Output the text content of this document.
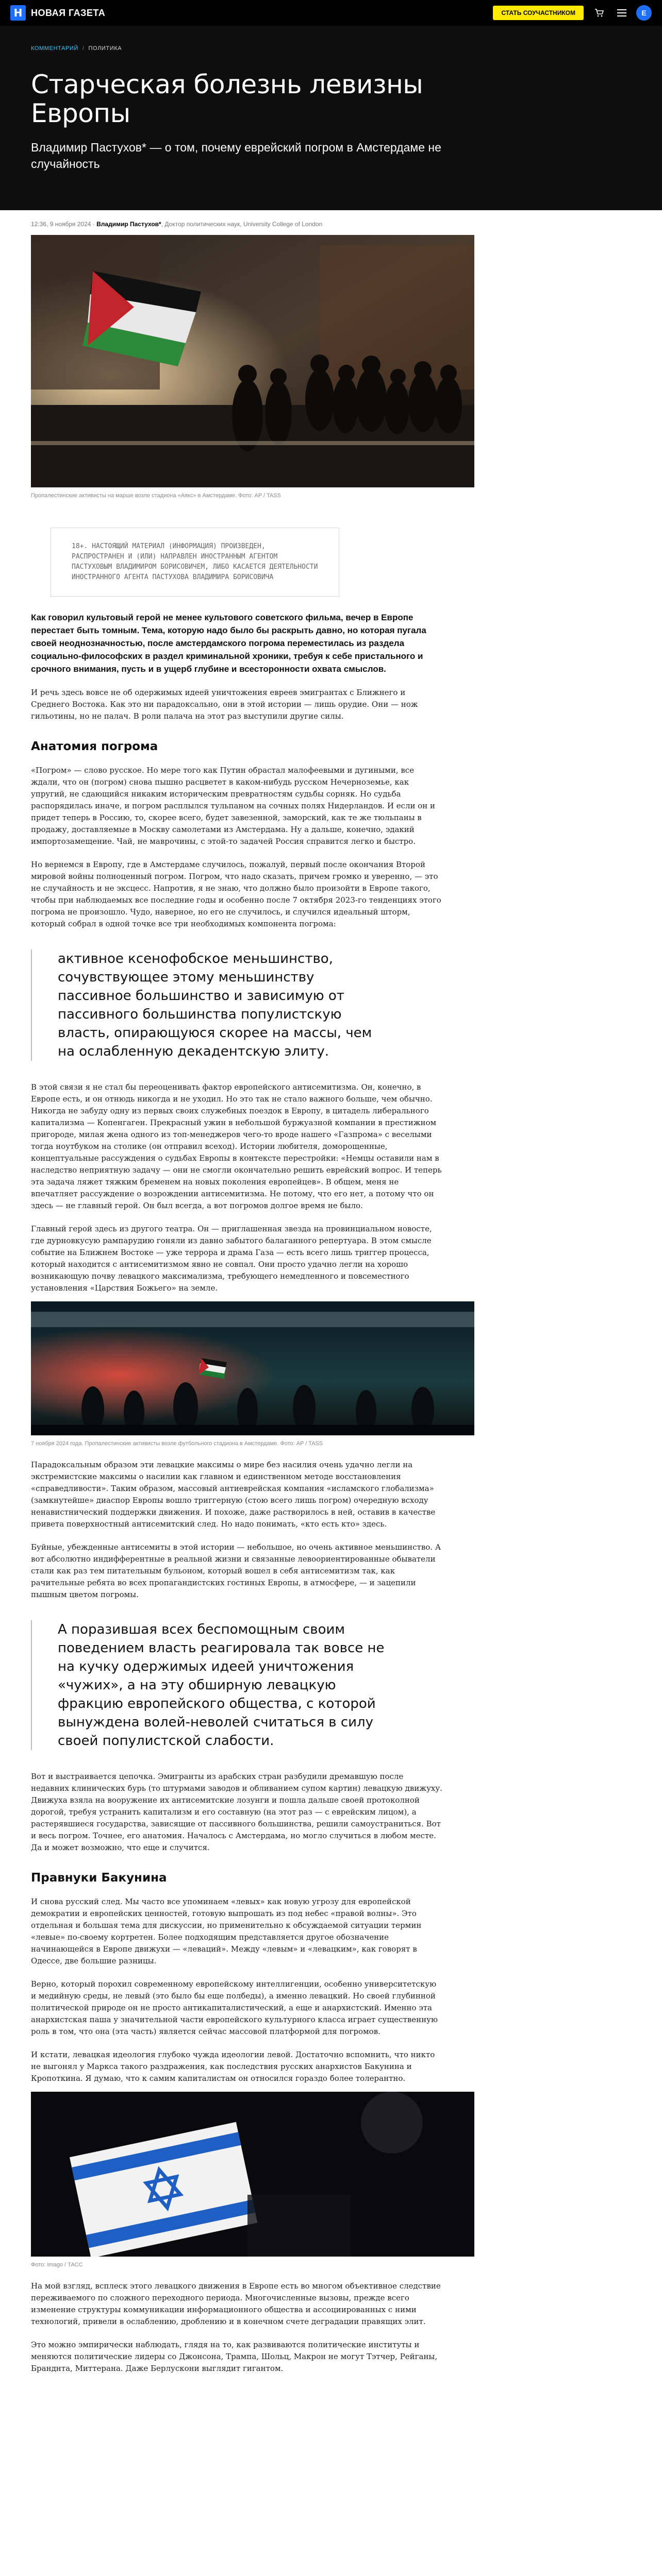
Н НОВАЯ ГАЗЕТА	СТАТЬ СОУЧАСТНИКОМ	Е
КОММЕНТАРИЙ / ПОЛИТИКА
Старческая болезнь левизны Европы
Владимир Пастухов* — о том, почему еврейский погром в Амстердаме не случайность
12:36, 9 ноября 2024 · Владимир Пастухов*, Доктор политических наук, University College of London
Пропалестинские активисты на марше возле стадиона «Аякс» в Амстердаме. Фото: AP / TASS
18+. НАСТОЯЩИЙ МАТЕРИАЛ (ИНФОРМАЦИЯ) ПРОИЗВЕДЕН, РАСПРОСТРАНЕН И (ИЛИ) НАПРАВЛЕН ИНОСТРАННЫМ АГЕНТОМ ПАСТУХОВЫМ ВЛАДИМИРОМ БОРИСОВИЧЕМ, ЛИБО КАСАЕТСЯ ДЕЯТЕЛЬНОСТИ ИНОСТРАННОГО АГЕНТА ПАСТУХОВА ВЛАДИМИРА БОРИСОВИЧА
Как говорил культовый герой не менее культового советского фильма, вечер в Европе перестает быть томным. Тема, которую надо было бы раскрыть давно, но которая пугала своей неоднозначностью, после амстердамского погрома переместилась из раздела социально-философских в раздел криминальной хроники, требуя к себе пристального и срочного внимания, пусть и в ущерб глубине и всесторонности охвата смыслов.

И речь здесь вовсе не об одержимых идеей уничтожения евреев эмигрантах с Ближнего и Среднего Востока. Как это ни парадоксально, они в этой истории — лишь орудие. Они — нож гильотины, но не палач. В роли палача на этот раз выступили другие силы.

Анатомия погрома

«Погром» — слово русское. Но мере того как Путин обрастал малофеевыми и дугиными, все ждали, что он (погром) снова пышно расцветет в каком-нибудь русском Нечерноземье, как упругий, не сдающийся никаким историческим превратностям судьбы сорняк. Но судьба распорядилась иначе, и погром расплылся тульпаном на сочных полях Нидерландов. И если он и придет теперь в Россию, то, скорее всего, будет завезенной, заморский, как те же тюльпаны в продажу, доставляемые в Москву самолетами из Амстердама. Ну а дальше, конечно, эдакий импортозамещение. Чай, не маврочины, с этой-то задачей Россия справится легко и быстро.

Но вернемся в Европу, где в Амстердаме случилось, пожалуй, первый после окончания Второй мировой войны полноценный погром. Погром, что надо сказать, причем громко и уверенно, — это не случайность и не эксцесс. Напротив, я не знаю, что должно было произойти в Европе такого, чтобы при наблюдаемых все последние годы и особенно после 7 октября 2023-го тенденциях этого погрома не произошло. Чудо, наверное, но его не случилось, и случился идеальный шторм, который собрал в одной точке все три необходимых компонента погрома:

активное ксенофобское меньшинство, сочувствующее этому меньшинству пассивное большинство и зависимую от пассивного большинства популистскую власть, опирающуюся скорее на массы, чем на ослабленную декадентскую элиту.

В этой связи я не стал бы переоценивать фактор европейского антисемитизма. Он, конечно, в Европе есть, и он отнюдь никогда и не уходил. Но это так не стало важного больше, чем обычно. Никогда не забуду одну из первых своих служебных поездок в Европу, в цитадель либерального капитализма — Копенгаген. Прекрасный ужин в небольшой буржуазной компании в престижном пригороде, милая жена одного из топ-менеджеров чего-то вроде нашего «Газпрома» с веселыми тогда ноутбуком на столике (он отправил всеход). Истории любителя, доморощенные, концептуальные рассуждения о судьбах Европы в контексте перестройки: «Немцы оставили нам в наследство неприятную задачу — они не смогли окончательно решить еврейский вопрос. И теперь эта задача ляжет тяжким бременем на новых поколения европейцев». В общем, меня не впечатляет рассуждение о возрождении антисемитизма. Не потому, что его нет, а потому что он здесь — не главный герой. Он был всегда, а вот погромов долгое время не было.

Главный герой здесь из другого театра. Он — приглашенная звезда на провинциальном новосте, где дурновкусую рампарудию гоняли из давно забытого балаганного репертуара. В этом смысле событие на Ближнем Востоке — уже террора и драма Газа — есть всего лишь триггер процесса, который находится с антисемитизмом явно не совпал. Они просто удачно легли на хорошо возникающую почву левацкого максимализма, требующего немедленного и повсеместного установления «Царствия Божьего» на земле.

7 ноября 2024 года. Пропалестинские активисты возле футбольного стадиона в Амстердаме. Фото: AP / TASS

Парадоксальным образом эти левацкие максимы о мире без насилия очень удачно легли на экстремистские максимы о насилии как главном и единственном методе восстановления «справедливости». Таким образом, массовый антиеврейская компания «исламского глобализма» (замкнутейше» диаспор Европы вошло триггерную (стою всего лишь погром) очередную всходу ненавистнический поддержки движения. И похоже, даже растворилось в ней, оставив в качестве привета поверхностный антисемитский след. Но надо понимать, «кто есть кто» здесь.

Буйные, убежденные антисемиты в этой истории — небольшое, но очень активное меньшинство. А вот абсолютно индифферентные в реальной жизни и связанные левоориентированные обыватели стали как раз тем питательным бульоном, который вошел в себя антисемитизм так, как рачительные ребята во всех пропагандистских гостиных Европы, в атмосфере, — и зацепили пышным цветом погромы.

А поразившая всех беспомощным своим поведением власть реагировала так вовсе не на кучку одержимых идеей уничтожения «чужих», а на эту обширную левацкую фракцию европейского общества, с которой вынуждена волей-неволей считаться в силу своей популистской слабости.

Вот и выстраивается цепочка. Эмигранты из арабских стран разбудили дремавшую после недавних клинических бурь (то штурмами заводов и обливанием супом картин) левацкую движуху. Движуха взяла на вооружение их антисемитские лозунги и пошла дальше своей протоколной дорогой, требуя устранить капитализм и его составную (на этот раз — с еврейским лицом), а растерявшиеся государства, зависящие от пассивного большинства, решили самоустраниться. Вот и весь погром. Точнее, его анатомия. Началось с Амстердама, но могло случиться в любом месте. Да и может возможно, что еще и случится.

Правнуки Бакунина

И снова русский след. Мы часто все упоминаем «левых» как новую угрозу для европейской демократии и европейских ценностей, готовую выпрошать из под небес «правой волны». Это отдельная и большая тема для дискуссии, но применительно к обсуждаемой ситуации термин «левые» по-своему кортретен. Более подходящим представляется другое обозначение начинающейся в Европе движухи — «леваций». Между «левым» и «левацким», как говорят в Одессе, две большие разницы.

Верно, который порохил современному европейскому интеллигенции, особенно университетскую и медийную среды, не левый (это было бы еще полбеды), а именно левацкий. Но своей глубинной политической природе он не просто антикапиталистический, а еще и анархистский. Именно эта анархистская паша у значительной части европейского культурного класса играет существенную роль в том, что она (эта часть) является сейчас массовой платформой для погромов.

И кстати, левацкая идеология глубоко чужда идеологии левой. Достаточно вспомнить, что никто не выгонял у Маркса такого раздражения, как последствия русских анархистов Бакунина и Кропоткина. Я думаю, что к самим капиталистам он относился гораздо более толерантно.

Фото: Imago / ТАСС

На мой взгляд, всплеск этого левацкого движения в Европе есть во многом объективное следствие переживаемого по сложного переходного периода. Многочисленные вызовы, прежде всего изменение структуры коммуникации информационного общества и ассоциированных с ними технологий, привели в ослаблению, дроблению и в конечном счете деградации правящих элит.

Это можно эмпирически наблюдать, глядя на то, как развиваются политические институты и меняются политические лидеры со Джонсона, Трампа, Шольц, Макрон не могут Тэтчер, Рейганы, Бранднта, Миттерана. Даже Берлускони выглядит гигантом.
